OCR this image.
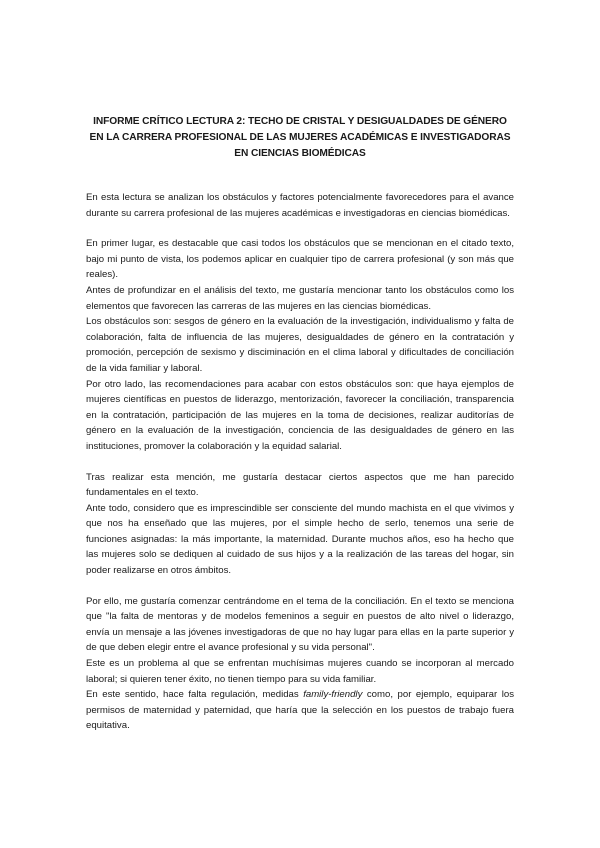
INFORME CRÍTICO LECTURA 2: TECHO DE CRISTAL Y DESIGUALDADES DE GÉNERO EN LA CARRERA PROFESIONAL DE LAS MUJERES ACADÉMICAS E INVESTIGADORAS EN CIENCIAS BIOMÉDICAS

En esta lectura se analizan los obstáculos y factores potencialmente favorecedores para el avance durante su carrera profesional de las mujeres académicas e investigadoras en ciencias biomédicas.

En primer lugar, es destacable que casi todos los obstáculos que se mencionan en el citado texto, bajo mi punto de vista, los podemos aplicar en cualquier tipo de carrera profesional (y son más que reales).

Antes de profundizar en el análisis del texto, me gustaría mencionar tanto los obstáculos como los elementos que favorecen las carreras de las mujeres en las ciencias biomédicas.

Los obstáculos son: sesgos de género en la evaluación de la investigación, individualismo y falta de colaboración, falta de influencia de las mujeres, desigualdades de género en la contratación y promoción, percepción de sexismo y disciminación en el clima laboral y dificultades de conciliación de la vida familiar y laboral.

Por otro lado, las recomendaciones para acabar con estos obstáculos son: que haya ejemplos de mujeres científicas en puestos de liderazgo, mentorización, favorecer la conciliación, transparencia en la contratación, participación de las mujeres en la toma de decisiones, realizar auditorías de género en la evaluación de la investigación, conciencia de las desigualdades de género en las instituciones, promover la colaboración y la equidad salarial.

Tras realizar esta mención, me gustaría destacar ciertos aspectos que me han parecido fundamentales en el texto.

Ante todo, considero que es imprescindible ser consciente del mundo machista en el que vivimos y que nos ha enseñado que las mujeres, por el simple hecho de serlo, tenemos una serie de funciones asignadas: la más importante, la maternidad. Durante muchos años, eso ha hecho que las mujeres solo se dediquen al cuidado de sus hijos y a la realización de las tareas del hogar, sin poder realizarse en otros ámbitos.

Por ello, me gustaría comenzar centrándome en el tema de la conciliación. En el texto se menciona que "la falta de mentoras y de modelos femeninos a seguir en puestos de alto nivel o liderazgo, envía un mensaje a las jóvenes investigadoras de que no hay lugar para ellas en la parte superior y de que deben elegir entre el avance profesional y su vida personal".

Este es un problema al que se enfrentan muchísimas mujeres cuando se incorporan al mercado laboral; si quieren tener éxito, no tienen tiempo para su vida familiar.

En este sentido, hace falta regulación, medidas family-friendly como, por ejemplo, equiparar los permisos de maternidad y paternidad, que haría que la selección en los puestos de trabajo fuera equitativa.
